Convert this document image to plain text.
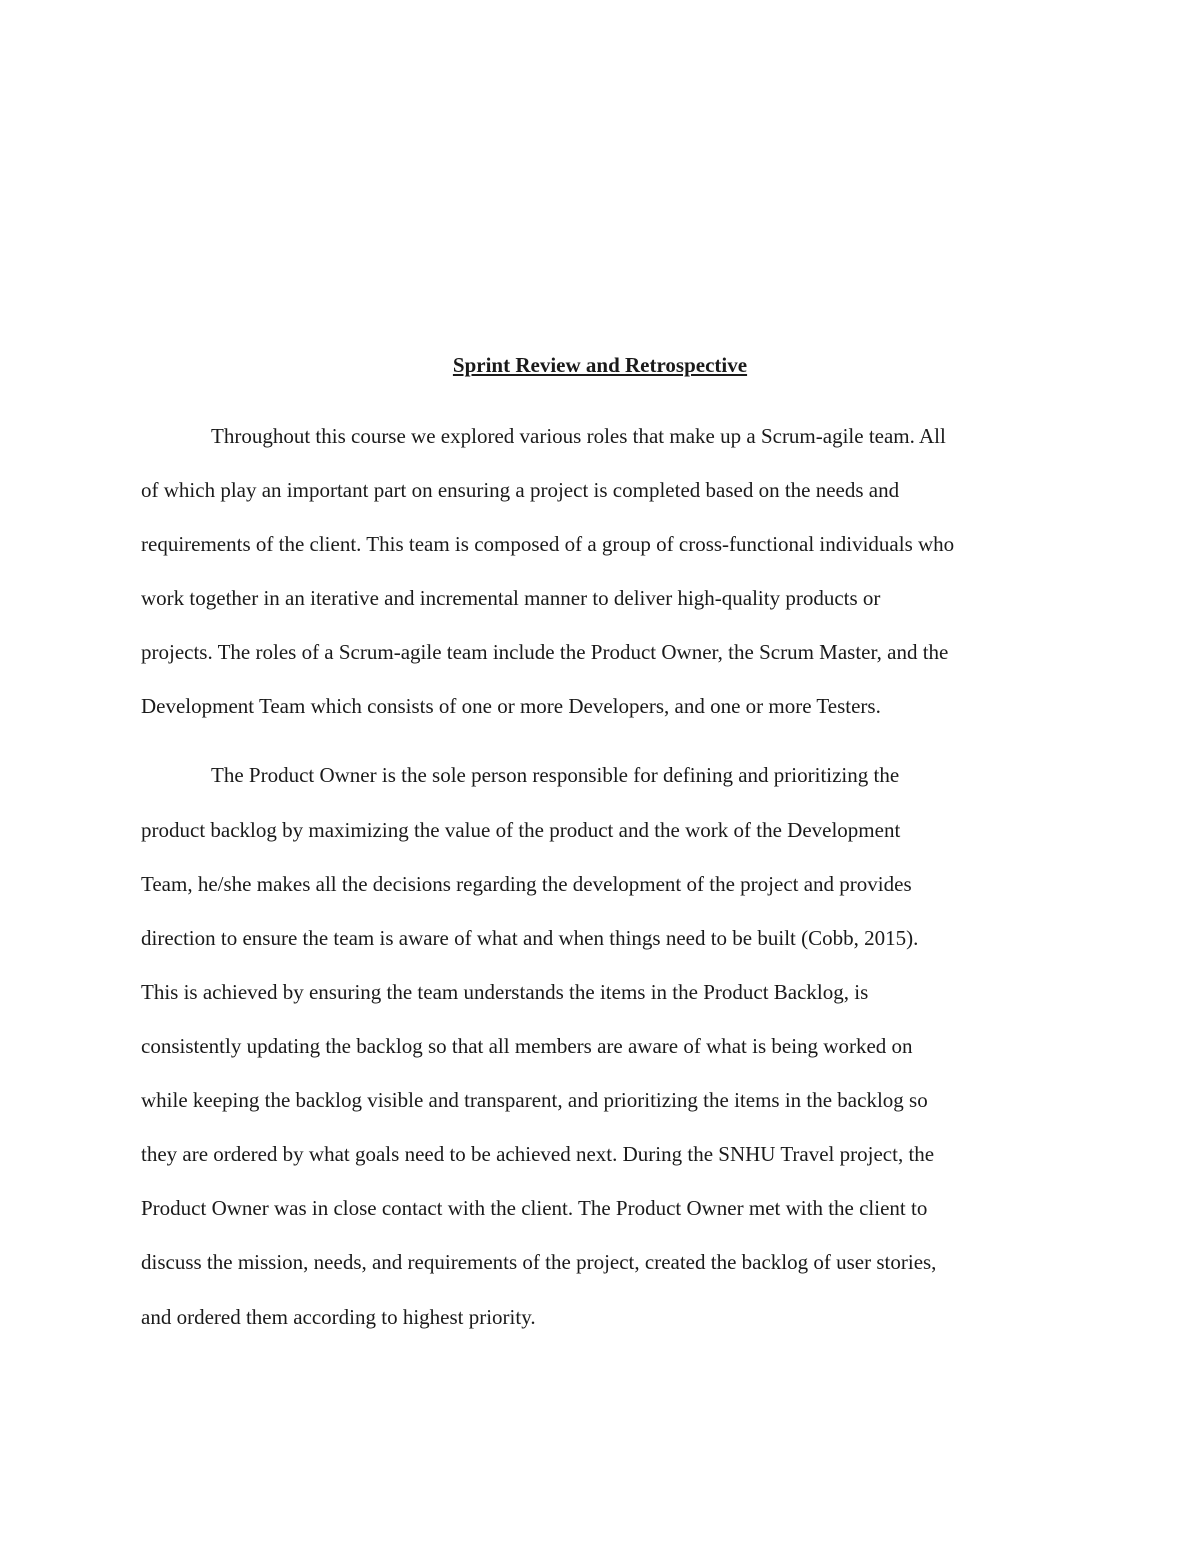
Sprint Review and Retrospective

Throughout this course we explored various roles that make up a Scrum-agile team. All

of which play an important part on ensuring a project is completed based on the needs and

requirements of the client. This team is composed of a group of cross-functional individuals who

work together in an iterative and incremental manner to deliver high-quality products or

projects. The roles of a Scrum-agile team include the Product Owner, the Scrum Master, and the

Development Team which consists of one or more Developers, and one or more Testers.

The Product Owner is the sole person responsible for defining and prioritizing the

product backlog by maximizing the value of the product and the work of the Development

Team, he/she makes all the decisions regarding the development of the project and provides

direction to ensure the team is aware of what and when things need to be built (Cobb, 2015).

This is achieved by ensuring the team understands the items in the Product Backlog, is

consistently updating the backlog so that all members are aware of what is being worked on

while keeping the backlog visible and transparent, and prioritizing the items in the backlog so

they are ordered by what goals need to be achieved next. During the SNHU Travel project, the

Product Owner was in close contact with the client. The Product Owner met with the client to

discuss the mission, needs, and requirements of the project, created the backlog of user stories,

and ordered them according to highest priority.
